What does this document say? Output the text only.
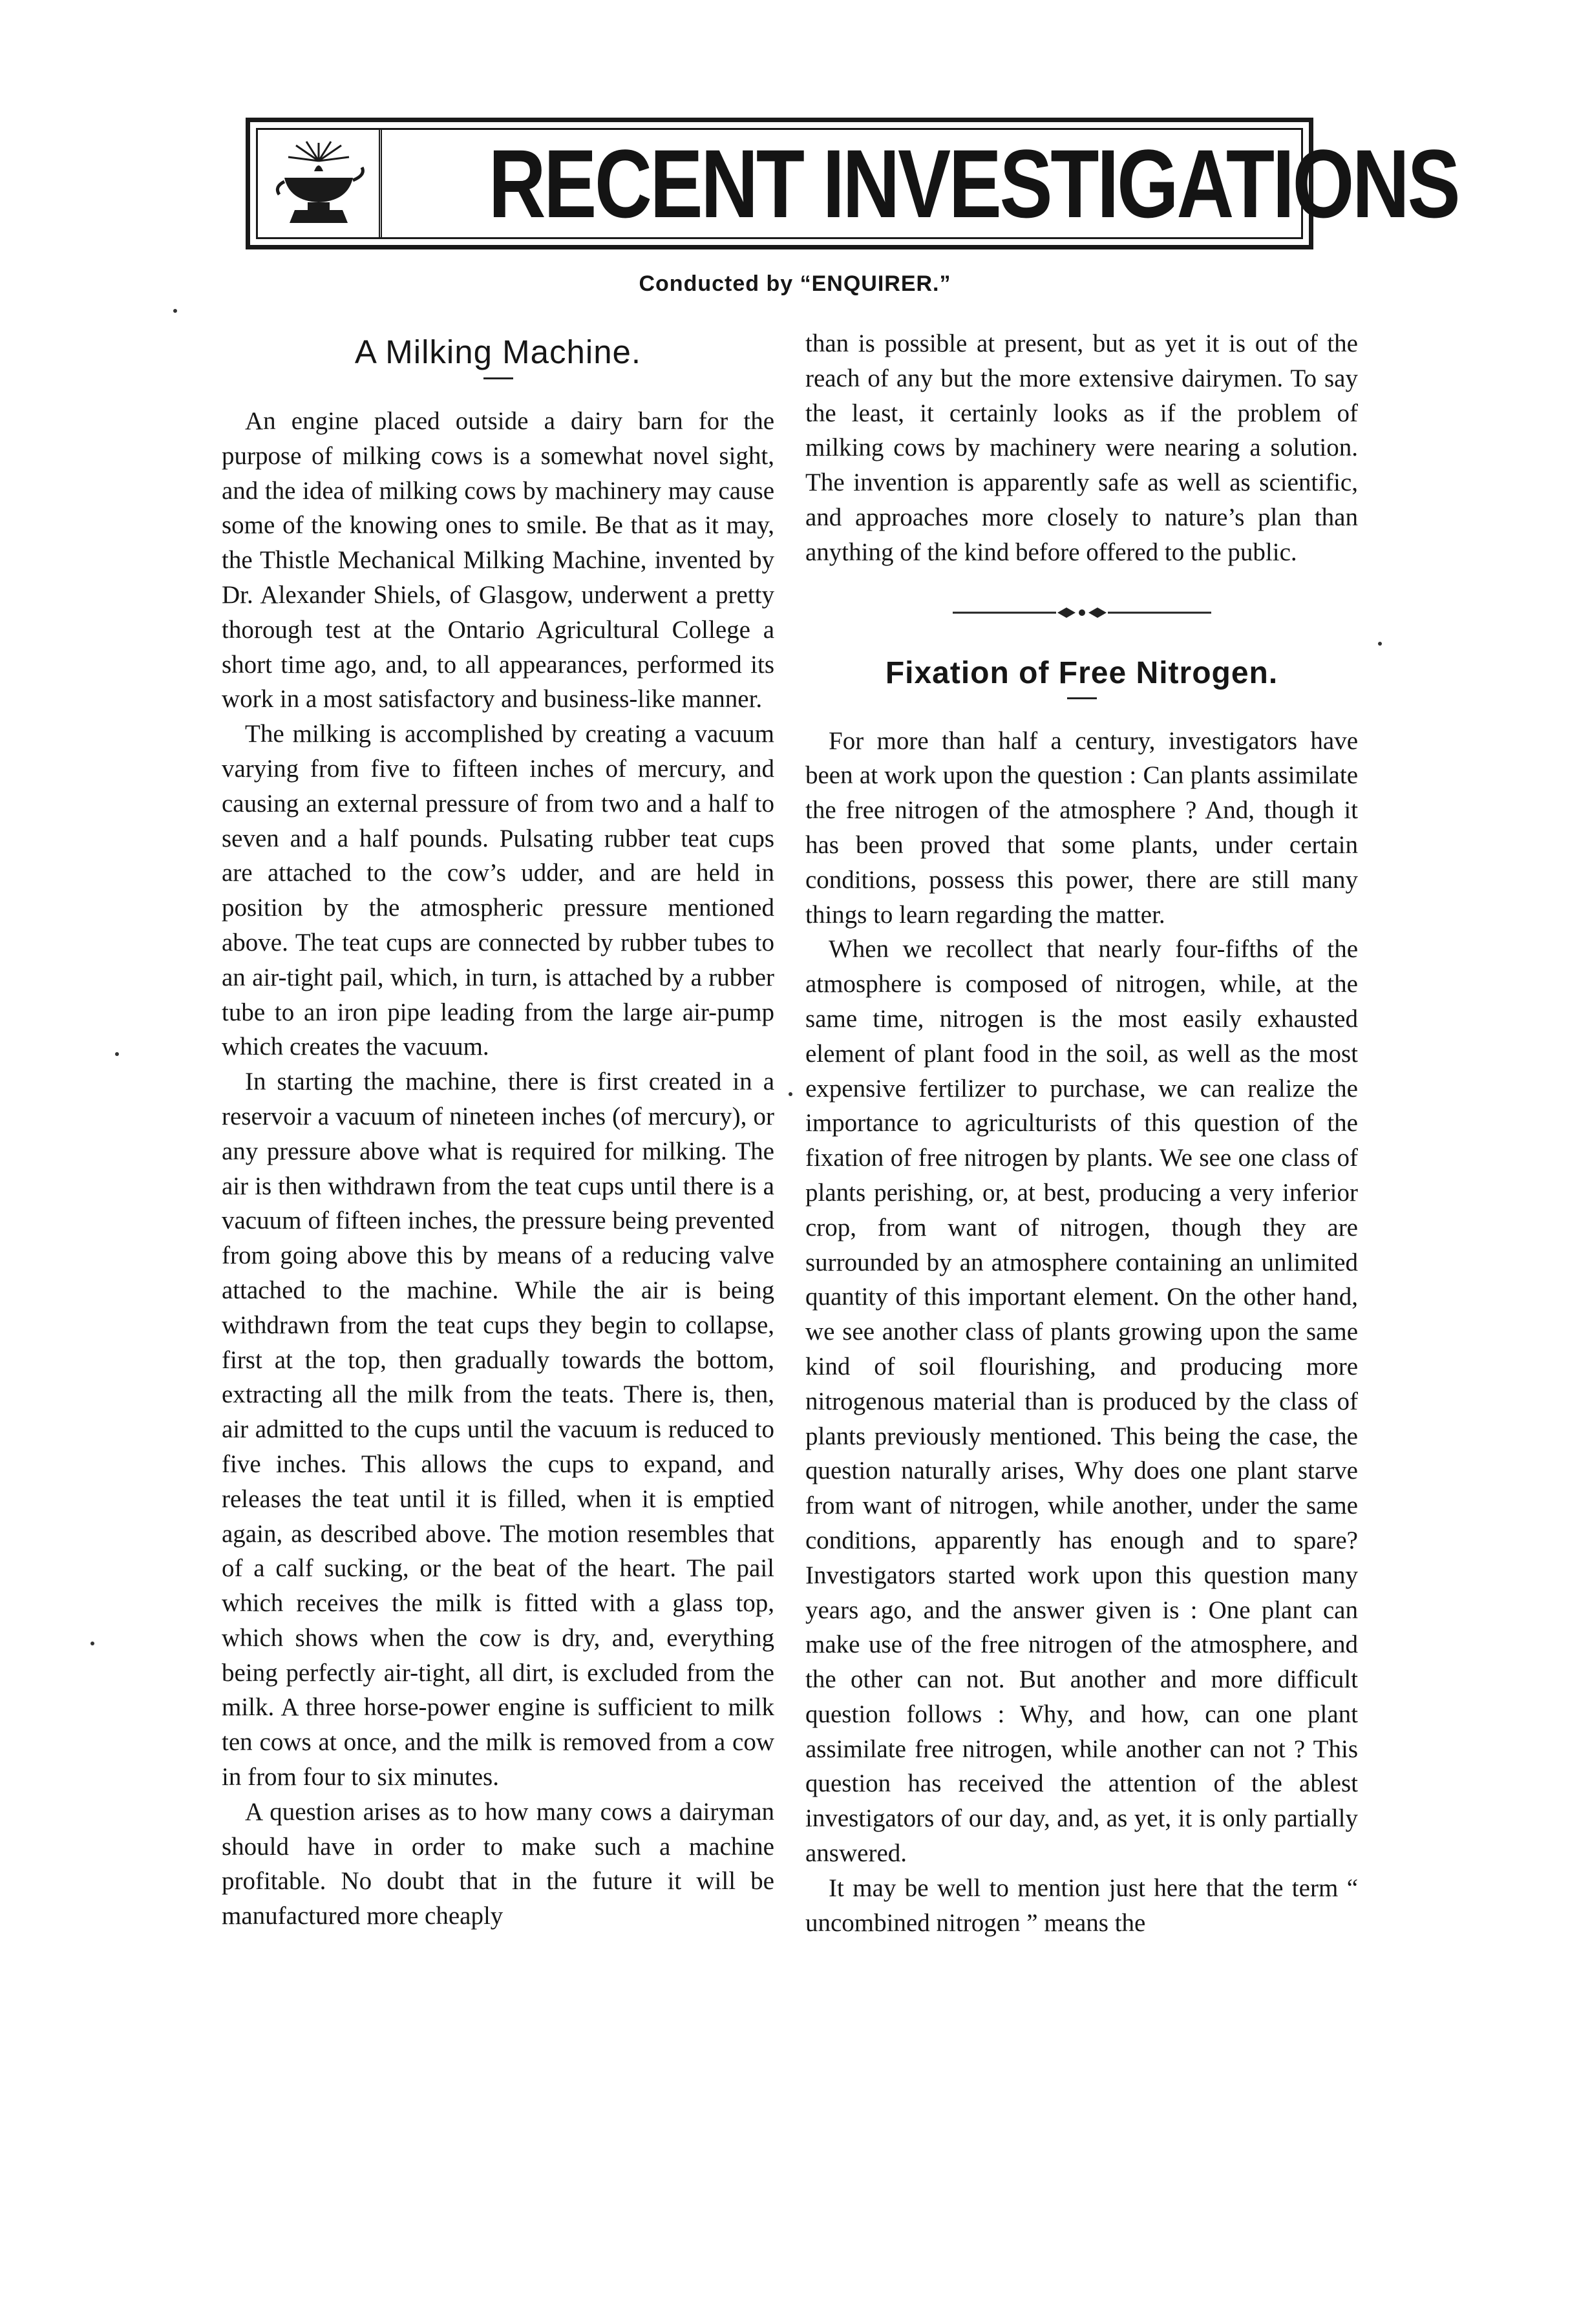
RECENT INVESTIGATIONS
Conducted by “ENQUIRER.”
A Milking Machine.

An engine placed outside a dairy barn for the purpose of milking cows is a somewhat novel sight, and the idea of milking cows by machinery may cause some of the knowing ones to smile. Be that as it may, the Thistle Mechanical Milking Machine, invented by Dr. Alexander Shiels, of Glasgow, underwent a pretty thorough test at the Ontario Agricultural College a short time ago, and, to all appearances, performed its work in a most satisfactory and business-like manner.

The milking is accomplished by creating a vacuum varying from five to fifteen inches of mercury, and causing an external pressure of from two and a half to seven and a half pounds. Pulsating rubber teat cups are attached to the cow’s udder, and are held in position by the atmospheric pressure mentioned above. The teat cups are connected by rubber tubes to an air-tight pail, which, in turn, is attached by a rubber tube to an iron pipe leading from the large air-pump which creates the vacuum.

In starting the machine, there is first created in a reservoir a vacuum of nineteen inches (of mercury), or any pressure above what is required for milking. The air is then withdrawn from the teat cups until there is a vacuum of fifteen inches, the pressure being prevented from going above this by means of a reducing valve attached to the machine. While the air is being withdrawn from the teat cups they begin to collapse, first at the top, then gradually towards the bottom, extracting all the milk from the teats. There is, then, air admitted to the cups until the vacuum is reduced to five inches. This allows the cups to expand, and releases the teat until it is filled, when it is emptied again, as described above. The motion resembles that of a calf sucking, or the beat of the heart. The pail which receives the milk is fitted with a glass top, which shows when the cow is dry, and, everything being perfectly air-tight, all dirt, is excluded from the milk. A three horse-power engine is sufficient to milk ten cows at once, and the milk is removed from a cow in from four to six minutes.

A question arises as to how many cows a dairyman should have in order to make such a machine profitable. No doubt that in the future it will be manufactured more cheaply

than is possible at present, but as yet it is out of the reach of any but the more extensive dairymen. To say the least, it certainly looks as if the problem of milking cows by machinery were nearing a solution. The invention is apparently safe as well as scientific, and approaches more closely to nature’s plan than anything of the kind before offered to the public.

Fixation of Free Nitrogen.

For more than half a century, investigators have been at work upon the question : Can plants assimilate the free nitrogen of the atmosphere ? And, though it has been proved that some plants, under certain conditions, possess this power, there are still many things to learn regarding the matter.

When we recollect that nearly four-fifths of the atmosphere is composed of nitrogen, while, at the same time, nitrogen is the most easily exhausted element of plant food in the soil, as well as the most expensive fertilizer to purchase, we can realize the importance to agriculturists of this question of the fixation of free nitrogen by plants. We see one class of plants perishing, or, at best, producing a very inferior crop, from want of nitrogen, though they are surrounded by an atmosphere containing an unlimited quantity of this important element. On the other hand, we see another class of plants growing upon the same kind of soil flourishing, and producing more nitrogenous material than is produced by the class of plants previously mentioned. This being the case, the question naturally arises, Why does one plant starve from want of nitrogen, while another, under the same conditions, apparently has enough and to spare? Investigators started work upon this question many years ago, and the answer given is : One plant can make use of the free nitrogen of the atmosphere, and the other can not. But another and more difficult question follows : Why, and how, can one plant assimilate free nitrogen, while another can not ? This question has received the attention of the ablest investigators of our day, and, as yet, it is only partially answered.

It may be well to mention just here that the term “ uncombined nitrogen ” means the
